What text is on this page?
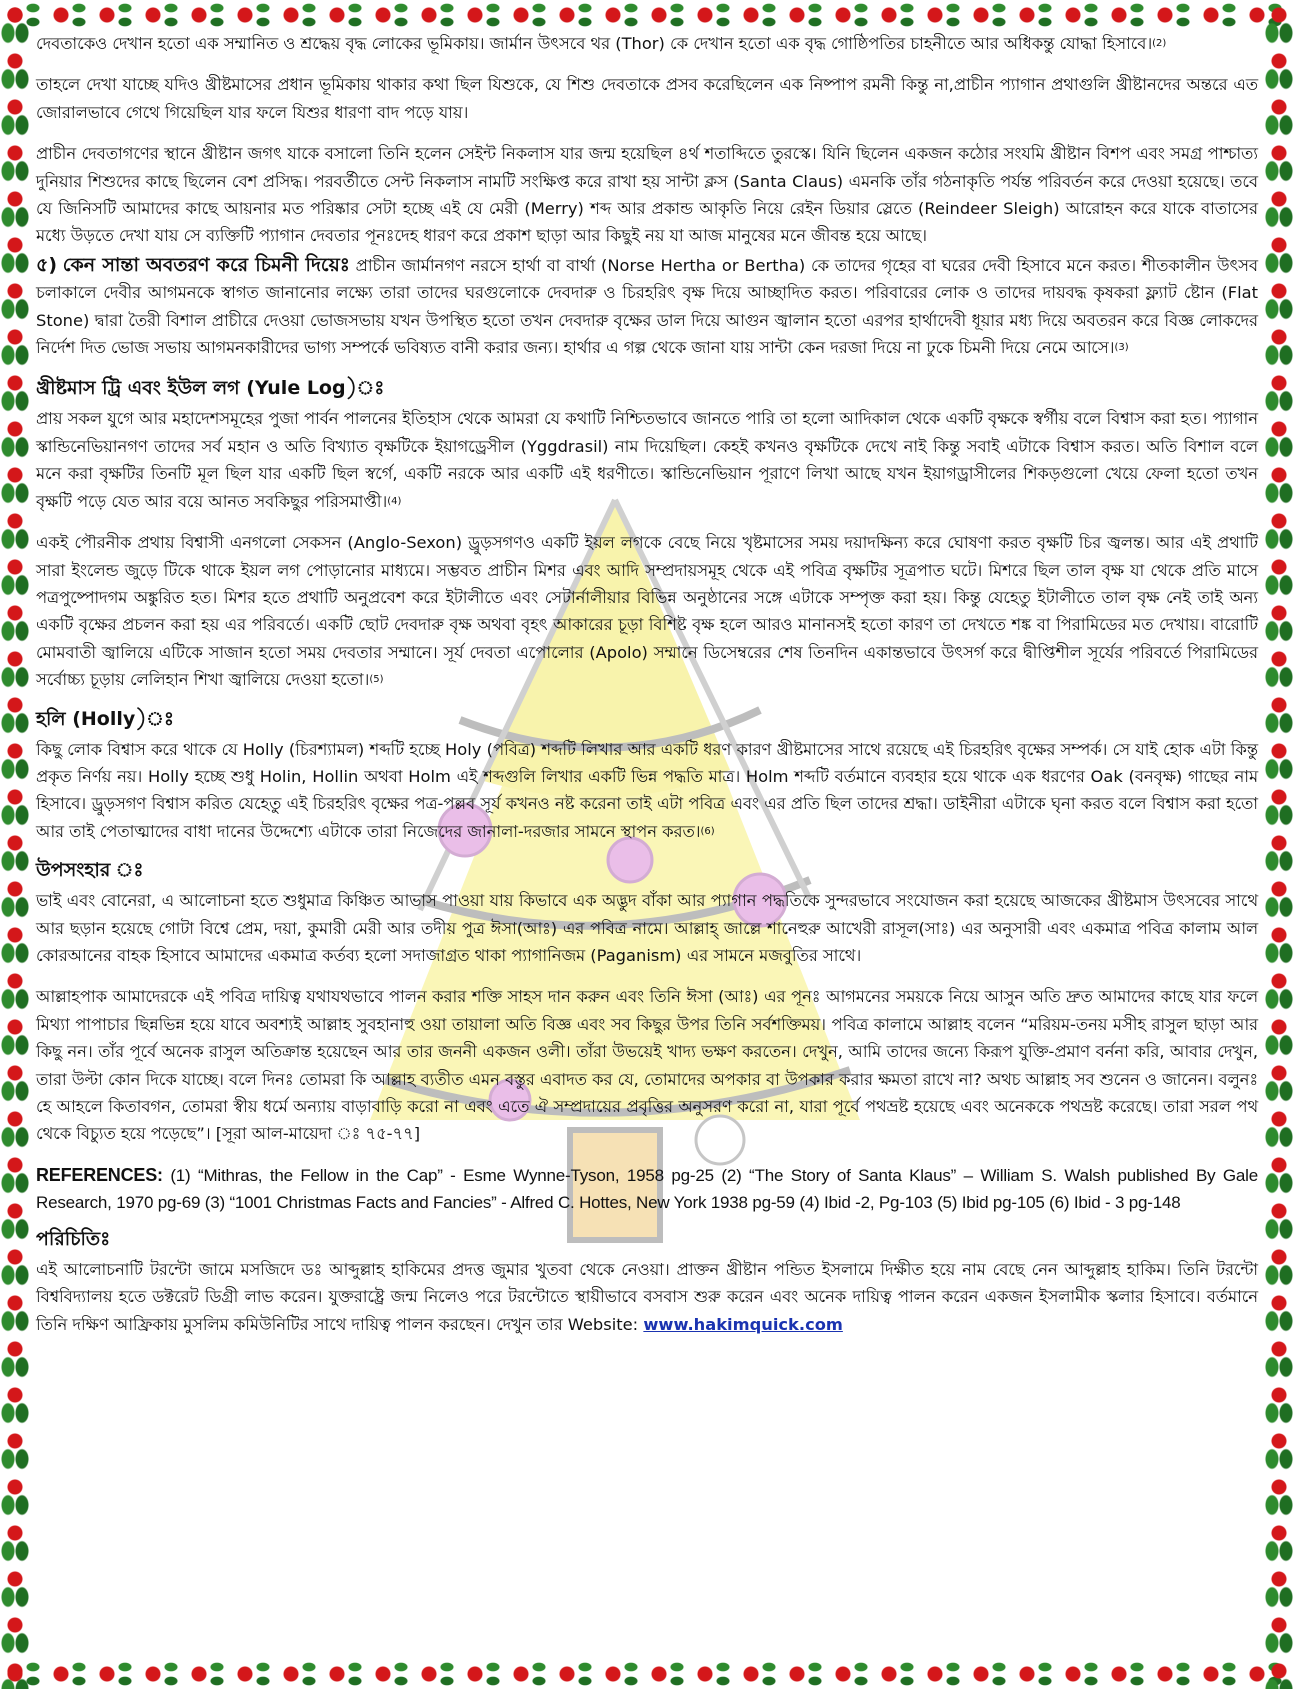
দেবতাকেও দেখান হতো এক সম্মানিত ও শ্রদ্ধেয় বৃদ্ধ লোকের ভূমিকায়। জার্মান উৎসবে থর (Thor) কে দেখান হতো এক বৃদ্ধ গোষ্ঠিপতির চাহনীতে আর অধিকন্তু যোদ্ধা হিসাবে।$^{(2)}$

তাহলে দেখা যাচ্ছে যদিও খ্রীষ্টমাসের প্রধান ভূমিকায় থাকার কথা ছিল যিশুকে, যে শিশু দেবতাকে প্রসব করেছিলেন এক নিষ্পাপ রমনী কিন্তু না,প্রাচীন প্যাগান প্রথাগুলি খ্রীষ্টানদের অন্তরে এত জোরালভাবে গেথে গিয়েছিল যার ফলে যিশুর ধারণা বাদ পড়ে যায়।

প্রাচীন দেবতাগণের স্থানে খ্রীষ্টান জগৎ যাকে বসালো তিনি হলেন সেইন্ট নিকলাস যার জন্ম হয়েছিল ৪র্থ শতাব্দিতে তুরস্কে। যিনি ছিলেন একজন কঠোর সংযমি খ্রীষ্টান বিশপ এবং সমগ্র পাশ্চাত্য দুনিয়ার শিশুদের কাছে ছিলেন বেশ প্রসিদ্ধ। পরবর্তীতে সেন্ট নিকলাস নামটি সংক্ষিপ্ত করে রাখা হয় সান্টা ক্লস (Santa Claus) এমনকি তাঁর গঠনাকৃতি পর্যন্ত পরিবর্তন করে দেওয়া হয়েছে। তবে যে জিনিসটি আমাদের কাছে আয়নার মত পরিষ্কার সেটা হচ্ছে এই যে মেরী (Merry) শব্দ আর প্রকান্ড আকৃতি নিয়ে রেইন ডিয়ার স্লেতে (Reindeer Sleigh) আরোহন করে যাকে বাতাসের মধ্যে উড়তে দেখা যায় সে ব্যক্তিটি প্যাগান দেবতার পূনঃদেহ ধারণ করে প্রকাশ ছাড়া আর কিছুই নয় যা আজ মানুষের মনে জীবন্ত হয়ে আছে।

৫) কেন সান্তা অবতরণ করে চিমনী দিয়েঃ প্রাচীন জার্মানগণ নরসে হার্থা বা বার্থা (Norse Hertha or Bertha) কে তাদের গৃহের বা ঘরের দেবী হিসাবে মনে করত। শীতকালীন উৎসব চলাকালে দেবীর আগমনকে স্বাগত জানানোর লক্ষ্যে তারা তাদের ঘরগুলোকে দেবদারু ও চিরহরিৎ বৃক্ষ দিয়ে আচ্ছাদিত করত। পরিবারের লোক ও তাদের দায়বদ্ধ কৃষকরা ফ্ল্যাট ষ্টোন (Flat Stone) দ্বারা তৈরী বিশাল প্রাচীরে দেওয়া ভোজসভায় যখন উপস্থিত হতো তখন দেবদারু বৃক্ষের ডাল দিয়ে আগুন জ্বালান হতো এরপর হার্থাদেবী ধূয়ার মধ্য দিয়ে অবতরন করে বিজ্ঞ লোকদের নির্দেশ দিত ভোজ সভায় আগমনকারীদের ভাগ্য সম্পর্কে ভবিষ্যত বানী করার জন্য। হার্থার এ গল্প থেকে জানা যায় সান্টা কেন দরজা দিয়ে না ঢুকে চিমনী দিয়ে নেমে আসে।$^{(3)}$

খ্রীষ্টমাস ট্রি এবং ইউল লগ (Yule Log)ঃ

প্রায় সকল যুগে আর মহাদেশসমূহের পুজা পার্বন পালনের ইতিহাস থেকে আমরা যে কথাটি নিশ্চিতভাবে জানতে পারি তা হলো আদিকাল থেকে একটি বৃক্ষকে স্বর্গীয় বলে বিশ্বাস করা হত। প্যাগান স্কান্ডিনেভিয়ানগণ তাদের সর্ব মহান ও অতি বিখ্যাত বৃক্ষটিকে ইয়াগড্রেসীল (Yggdrasil) নাম দিয়েছিল। কেহই কখনও বৃক্ষটিকে দেখে নাই কিন্তু সবাই এটাকে বিশ্বাস করত। অতি বিশাল বলে মনে করা বৃক্ষটির তিনটি মূল ছিল যার একটি ছিল স্বর্গে, একটি নরকে আর একটি এই ধরণীতে। স্কান্ডিনেভিয়ান পূরাণে লিখা আছে যখন ইয়াগড্রাসীলের শিকড়গুলো খেয়ে ফেলা হতো তখন বৃক্ষটি পড়ে যেত আর বয়ে আনত সবকিছুর পরিসমাপ্তী।$^{(4)}$

একই পৌরনীক প্রথায় বিশ্বাসী এনগলো সেকসন (Anglo-Sexon) ড্রুড়সগণও একটি ইয়ল লগকে বেছে নিয়ে খৃষ্টমাসের সময় দয়াদক্ষিন্য করে ঘোষণা করত বৃক্ষটি চির জ্বলন্ত। আর এই প্রথাটি সারা ইংলেন্ড জুড়ে টিকে থাকে ইয়ল লগ পোড়ানোর মাধ্যমে। সম্ভবত প্রাচীন মিশর এবং আদি সম্প্রদায়সমূহ থেকে এই পবিত্র বৃক্ষটির সূত্রপাত ঘটে। মিশরে ছিল তাল বৃক্ষ যা থেকে প্রতি মাসে পত্রপুষ্পোদগম অঙ্কুরিত হত। মিশর হতে প্রথাটি অনুপ্রবেশ করে ইটালীতে এবং সেটার্নালীয়ার বিভিন্ন অনুষ্ঠানের সঙ্গে এটাকে সম্পৃক্ত করা হয়। কিন্তু যেহেতু ইটালীতে তাল বৃক্ষ নেই তাই অন্য একটি বৃক্ষের প্রচলন করা হয় এর পরিবর্তে। একটি ছোট দেবদারু বৃক্ষ অথবা বৃহৎ আকারের চূড়া বিশিষ্ট বৃক্ষ হলে আরও মানানসই হতো কারণ তা দেখতে শঙ্ক বা পিরামিডের মত দেখায়। বারোটি মোমবাতী জ্বালিয়ে এটিকে সাজান হতো সময় দেবতার সম্মানে। সূর্য দেবতা এপোলোর (Apolo) সম্মানে ডিসেম্বরের শেষ তিনদিন একান্তভাবে উৎসর্গ করে দ্বীপ্তিশীল সূর্যের পরিবর্তে পিরামিডের সর্বোচ্চ্য চূড়ায় লেলিহান শিখা জ্বালিয়ে দেওয়া হতো।$^{(5)}$

হলি (Holly)ঃ

কিছু লোক বিশ্বাস করে থাকে যে Holly (চিরশ্যামল) শব্দটি হচ্ছে Holy (পবিত্র) শব্দটি লিখার আর একটি ধরণ কারণ খ্রীষ্টমাসের সাথে রয়েছে এই চিরহরিৎ বৃক্ষের সম্পর্ক। সে যাই হোক এটা কিন্তু প্রকৃত নির্ণয় নয়। Holly হচ্ছে শুধু Holin, Hollin অথবা Holm এই শব্দগুলি লিখার একটি ভিন্ন পদ্ধতি মাত্র। Holm শব্দটি বর্তমানে ব্যবহার হয়ে থাকে এক ধরণের Oak (বনবৃক্ষ) গাছের নাম হিসাবে। ড্রুড়সগণ বিশ্বাস করিত যেহেতু এই চিরহরিৎ বৃক্ষের পত্র-পল্লব সূর্য কখনও নষ্ট করেনা তাই এটা পবিত্র এবং এর প্রতি ছিল তাদের শ্রদ্ধা। ডাইনীরা এটাকে ঘৃনা করত বলে বিশ্বাস করা হতো আর তাই পেতাত্মাদের বাধা দানের উদ্দেশ্যে এটাকে তারা নিজেদের জানালা-দরজার সামনে স্থাপন করত।$^{(6)}$

উপসংহার ঃ

ভাই এবং বোনেরা, এ আলোচনা হতে শুধুমাত্র কিঞ্চিত আভাস পাওয়া যায় কিভাবে এক অদ্ভুদ বাঁকা আর প্যাগান পদ্ধতিকে সুন্দরভাবে সংযোজন করা হয়েছে আজকের খ্রীষ্টমাস উৎসবের সাথে আর ছড়ান হয়েছে গোটা বিশ্বে প্রেম, দয়া, কুমারী মেরী আর তদীয় পুত্র ঈসা(আঃ) এর পবিত্র নামে। আল্লাহ্‌ জাল্লে শানেহুরু আখেরী রাসূল(সাঃ) এর অনুসারী এবং একমাত্র পবিত্র কালাম আল কোরআনের বাহক হিসাবে আমাদের একমাত্র কর্তব্য হলো সদাজাগ্রত থাকা প্যাগানিজম (Paganism) এর সামনে মজবুতির সাথে।

আল্লাহপাক আমাদেরকে এই পবিত্র দায়িত্ব যথাযথভাবে পালন করার শক্তি সাহস দান করুন এবং তিনি ঈসা (আঃ) এর পূনঃ আগমনের সময়কে নিয়ে আসুন অতি দ্রুত আমাদের কাছে যার ফলে মিথ্যা পাপাচার ছিন্নভিন্ন হয়ে যাবে অবশ্যই আল্লাহ সুবহানাহু ওয়া তায়ালা অতি বিজ্ঞ এবং সব কিছুর উপর তিনি সর্বশক্তিময়। পবিত্র কালামে আল্লাহ বলেন “মরিয়ম-তনয় মসীহ রাসুল ছাড়া আর কিছু নন। তাঁর পূর্বে অনেক রাসুল অতিক্রান্ত হয়েছেন আর তার জননী একজন ওলী। তাঁরা উভয়েই খাদ্য ভক্ষণ করতেন। দেখুন, আমি তাদের জন্যে কিরূপ যুক্তি-প্রমাণ বর্ননা করি, আবার দেখুন, তারা উল্টা কোন দিকে যাচ্ছে। বলে দিনঃ তোমরা কি আল্লাহ ব্যতীত এমন বস্তুর এবাদত কর যে, তোমাদের অপকার বা উপকার করার ক্ষমতা রাখে না? অথচ আল্লাহ সব শুনেন ও জানেন। বলুনঃ হে আহলে কিতাবগন, তোমরা স্বীয় ধর্মে অন্যায় বাড়াবাড়ি করো না এবং এতে ঐ সম্প্রদায়ের প্রবৃত্তির অনুসরণ করো না, যারা পূর্বে পথভ্রষ্ট হয়েছে এবং অনেককে পথভ্রষ্ট করেছে। তারা সরল পথ থেকে বিচ্যুত হয়ে পড়েছে”। [সূরা আল-মায়েদা ঃ ৭৫-৭৭]

REFERENCES: (1) “Mithras, the Fellow in the Cap” - Esme Wynne-Tyson, 1958 pg-25 (2) “The Story of Santa Klaus” – William S. Walsh published By Gale Research, 1970 pg-69 (3) “1001 Christmas Facts and Fancies” - Alfred C. Hottes, New York 1938 pg-59 (4) Ibid -2, Pg-103 (5) Ibid pg-105 (6) Ibid - 3 pg-148

পরিচিতিঃ

এই আলোচনাটি টরন্টো জামে মসজিদে ডঃ আব্দুল্লাহ হাকিমের প্রদত্ত জুমার খুতবা থেকে নেওয়া। প্রাক্তন খ্রীষ্টান পন্ডিত ইসলামে দিক্ষীত হয়ে নাম বেছে নেন আব্দুল্লাহ হাকিম। তিনি টরন্টো বিশ্ববিদ্যালয় হতে ডক্টরেট ডিগ্রী লাভ করেন। যুক্তরাষ্ট্রে জন্ম নিলেও পরে টরন্টোতে স্থায়ীভাবে বসবাস শুরু করেন এবং অনেক দায়িত্ব পালন করেন একজন ইসলামীক স্কলার হিসাবে। বর্তমানে তিনি দক্ষিণ আফ্রিকায় মুসলিম কমিউনিটির সাথে দায়িত্ব পালন করছেন। দেখুন তার Website: www.hakimquick.com
